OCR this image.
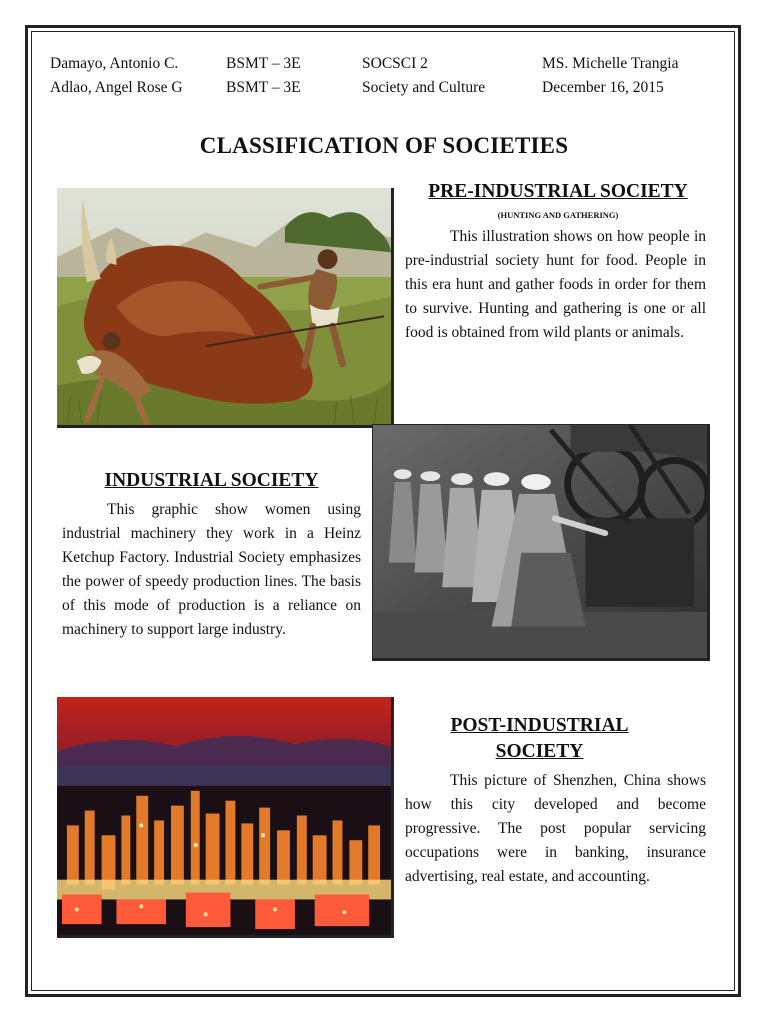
Damayo, Antonio C.	BSMT – 3E	SOCSCI 2	MS. Michelle Trangia
Adlao, Angel Rose G	BSMT – 3E	Society and Culture	December 16, 2015
CLASSIFICATION OF SOCIETIES
PRE-INDUSTRIAL SOCIETY
(HUNTING AND GATHERING)

This illustration shows on how people in pre-industrial society hunt for food. People in this era hunt and gather foods in order for them to survive. Hunting and gathering is one or all food is obtained from wild plants or animals.

INDUSTRIAL SOCIETY

This graphic show women using industrial machinery they work in a Heinz Ketchup Factory. Industrial Society emphasizes the power of speedy production lines. The basis of this mode of production is a reliance on machinery to support large industry.

POST-INDUSTRIAL
SOCIETY

This picture of Shenzhen, China shows how this city developed and become progressive. The post popular servicing occupations were in banking, insurance advertising, real estate, and accounting.
